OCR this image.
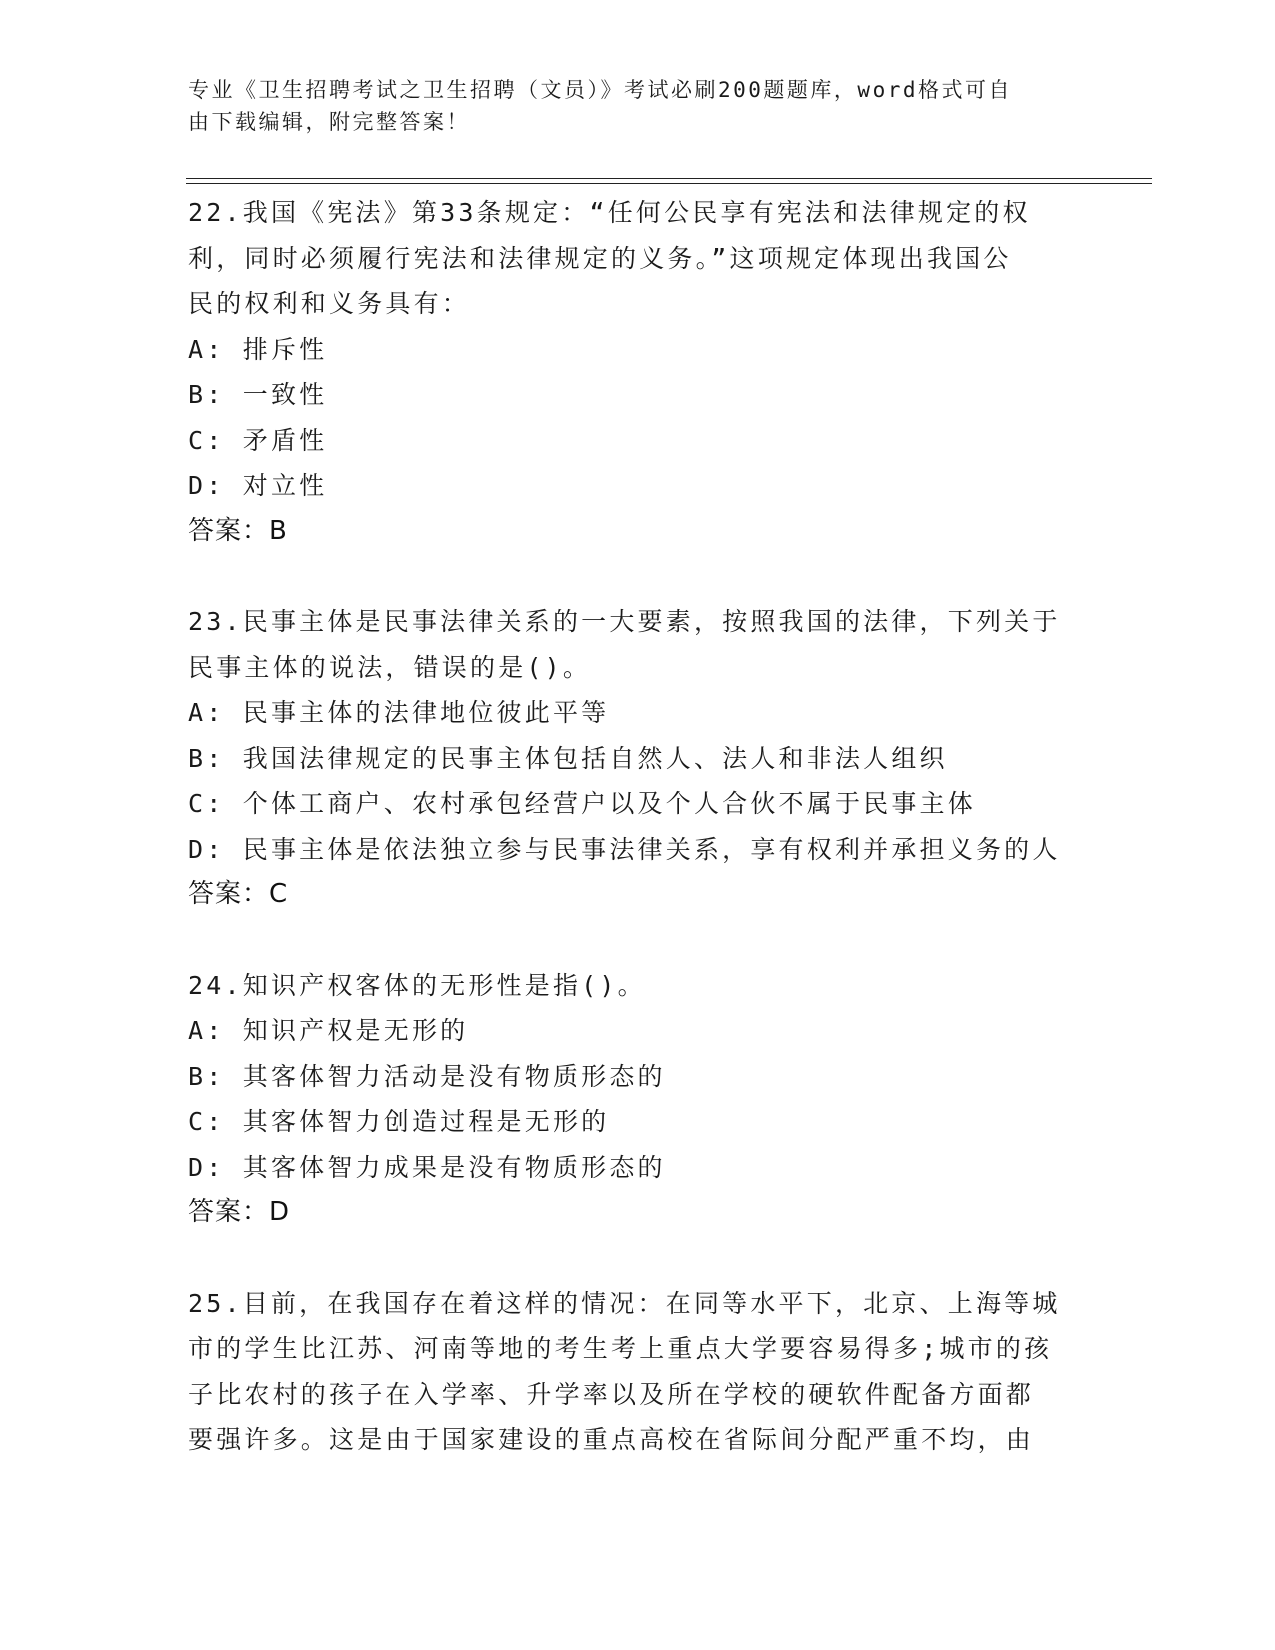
专业《卫生招聘考试之卫生招聘（文员）》考试必刷200题题库，word格式可自
由下载编辑，附完整答案！
22.我国《宪法》第33条规定：“任何公民享有宪法和法律规定的权
利，同时必须履行宪法和法律规定的义务。”这项规定体现出我国公
民的权利和义务具有：
A: 排斥性
B: 一致性
C: 矛盾性
D: 对立性
答案：B
23.民事主体是民事法律关系的一大要素，按照我国的法律，下列关于
民事主体的说法，错误的是()。
A: 民事主体的法律地位彼此平等
B: 我国法律规定的民事主体包括自然人、法人和非法人组织
C: 个体工商户、农村承包经营户以及个人合伙不属于民事主体
D: 民事主体是依法独立参与民事法律关系，享有权利并承担义务的人
答案：C
24.知识产权客体的无形性是指()。
A: 知识产权是无形的
B: 其客体智力活动是没有物质形态的
C: 其客体智力创造过程是无形的
D: 其客体智力成果是没有物质形态的
答案：D
25.目前，在我国存在着这样的情况：在同等水平下，北京、上海等城
市的学生比江苏、河南等地的考生考上重点大学要容易得多;城市的孩
子比农村的孩子在入学率、升学率以及所在学校的硬软件配备方面都
要强许多。这是由于国家建设的重点高校在省际间分配严重不均，由
